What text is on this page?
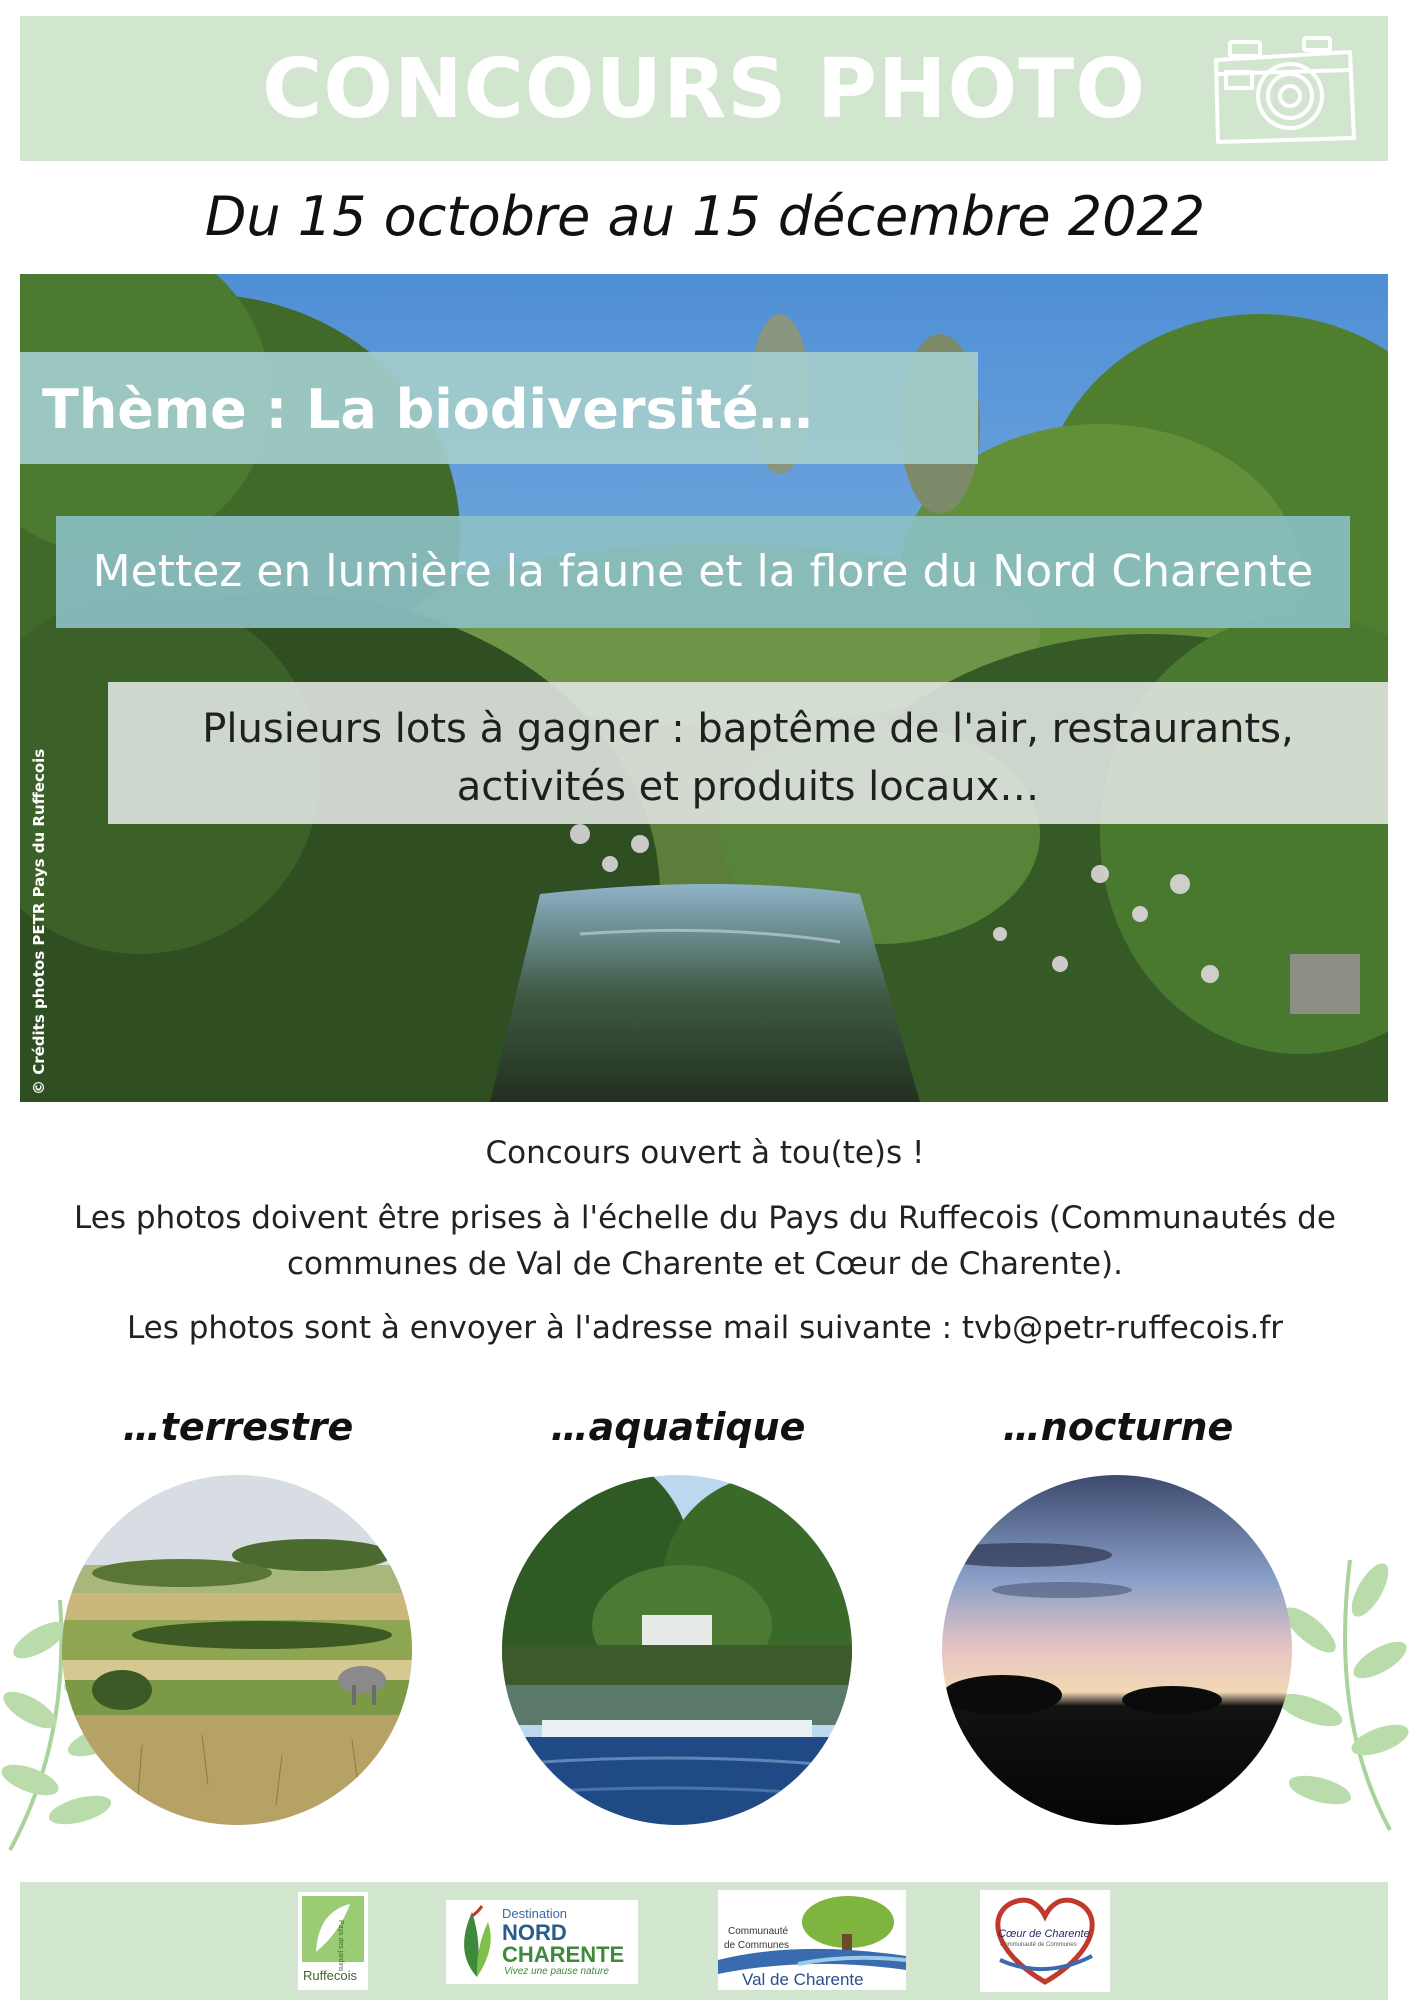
CONCOURS PHOTO
Du 15 octobre au 15 décembre 2022
© Crédits photos PETR Pays du Ruffecois
Thème : La biodiversité…
Mettez en lumière la faune et la flore du Nord Charente
Plusieurs lots à gagner : baptême de l'air, restaurants,
activités et produits locaux…
Concours ouvert à tou(te)s !
Les photos doivent être prises à l'échelle du Pays du Ruffecois (Communautés de
communes de Val de Charente et Cœur de Charente).
Les photos sont à envoyer à l'adresse mail suivante : tvb@petr-ruffecois.fr
…terrestre	…aquatique	…nocturne
Ruffecois
Pays des jardins
Destination
NORD
CHARENTE
Vivez une pause nature
Communauté
de Communes
Val de Charente
Cœur de Charente
Communauté de Communes
